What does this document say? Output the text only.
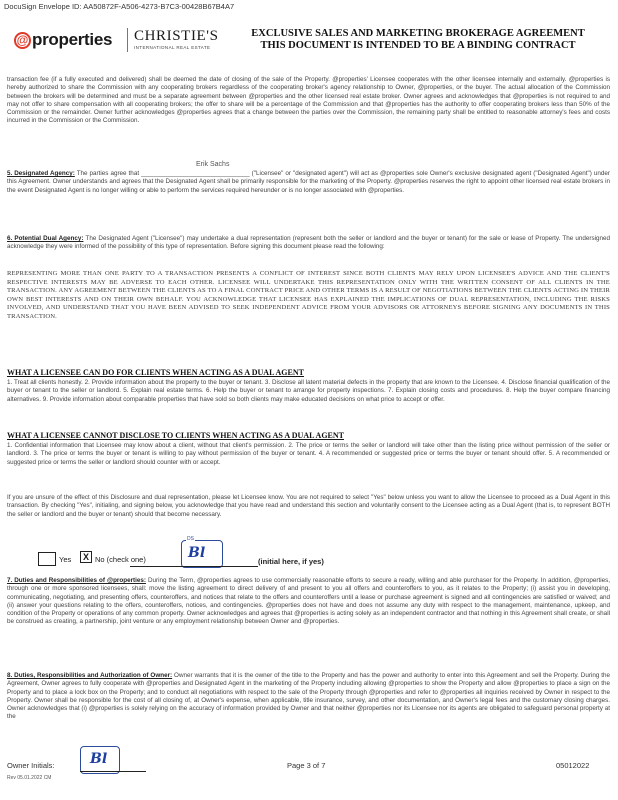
DocuSign Envelope ID: AA50872F-A506-4273-B7C3-00428B67B4A7
@ properties CHRISTIE'S
INTERNATIONAL REAL ESTATE
EXCLUSIVE SALES AND MARKETING BROKERAGE AGREEMENT
THIS DOCUMENT IS INTENDED TO BE A BINDING CONTRACT

transaction fee (if a fully executed and delivered) shall be deemed the date of closing of the sale of the Property. @properties' Licensee cooperates with the other licensee internally and externally. @properties is hereby authorized to share the Commission with any cooperating brokers regardless of the cooperating broker's agency relationship to Owner, @properties, or the buyer. The actual allocation of the Commission between the brokers will be determined and must be a separate agreement between @properties and the other licensed real estate broker. Owner agrees and acknowledges that @properties is not required to and may not offer to share compensation with all cooperating brokers; the offer to share will be a percentage of the Commission and that @properties has the authority to offer cooperating brokers less than 50% of the Commission or the remainder. Owner further acknowledges @properties agrees that a change between the parties over the Commission, the remaining party shall be entitled to reasonable attorney's fees and costs incurred in the Commission or the Commission.

Erik Sachs

5. Designated Agency: The parties agree that _______________________________ ("Licensee" or "designated agent") will act as @properties sole Owner's exclusive designated agent ("Designated Agent") under this Agreement. Owner understands and agrees that the Designated Agent shall be primarily responsible for the marketing of the Property. @properties reserves the right to appoint other licensed real estate brokers in the event Designated Agent is no longer willing or able to perform the services required hereunder or is no longer associated with @properties.

6. Potential Dual Agency: The Designated Agent ("Licensee") may undertake a dual representation (represent both the seller or landlord and the buyer or tenant) for the sale or lease of Property. The undersigned acknowledge they were informed of the possibility of this type of representation. Before signing this document please read the following:

REPRESENTING MORE THAN ONE PARTY TO A TRANSACTION PRESENTS A CONFLICT OF INTEREST SINCE BOTH CLIENTS MAY RELY UPON LICENSEE'S ADVICE AND THE CLIENT'S RESPECTIVE INTERESTS MAY BE ADVERSE TO EACH OTHER. LICENSEE WILL UNDERTAKE THIS REPRESENTATION ONLY WITH THE WRITTEN CONSENT OF ALL CLIENTS IN THE TRANSACTION. ANY AGREEMENT BETWEEN THE CLIENTS AS TO A FINAL CONTRACT PRICE AND OTHER TERMS IS A RESULT OF NEGOTIATIONS BETWEEN THE CLIENTS ACTING IN THEIR OWN BEST INTERESTS AND ON THEIR OWN BEHALF. YOU ACKNOWLEDGE THAT LICENSEE HAS EXPLAINED THE IMPLICATIONS OF DUAL REPRESENTATION, INCLUDING THE RISKS INVOLVED, AND UNDERSTAND THAT YOU HAVE BEEN ADVISED TO SEEK INDEPENDENT ADVICE FROM YOUR ADVISORS OR ATTORNEYS BEFORE SIGNING ANY DOCUMENTS IN THIS TRANSACTION.

WHAT A LICENSEE CAN DO FOR CLIENTS WHEN ACTING AS A DUAL AGENT

1. Treat all clients honestly. 2. Provide information about the property to the buyer or tenant. 3. Disclose all latent material defects in the property that are known to the Licensee. 4. Disclose financial qualification of the buyer or tenant to the seller or landlord. 5. Explain real estate terms. 6. Help the buyer or tenant to arrange for property inspections. 7. Explain closing costs and procedures. 8. Help the buyer compare financing alternatives. 9. Provide information about comparable properties that have sold so both clients may make educated decisions on what price to accept or offer.

WHAT A LICENSEE CANNOT DISCLOSE TO CLIENTS WHEN ACTING AS A DUAL AGENT

1. Confidential information that Licensee may know about a client, without that client's permission. 2. The price or terms the seller or landlord will take other than the listing price without permission of the seller or landlord. 3. The price or terms the buyer or tenant is willing to pay without permission of the buyer or tenant. 4. A recommended or suggested price or terms the buyer or tenant should offer. 5. A recommended or suggested price or terms the seller or landlord should counter with or accept.

If you are unsure of the effect of this Disclosure and dual representation, please let Licensee know. You are not required to select "Yes" below unless you want to allow the Licensee to proceed as a Dual Agent in this transaction. By checking "Yes", initialing, and signing below, you acknowledge that you have read and understand this section and voluntarily consent to the Licensee acting as a Dual Agent (that is, to represent BOTH the seller or landlord and the buyer or tenant) should that become necessary.

Yes	X No (check one)
DS
Bl
(initial here, if yes)

7. Duties and Responsibilities of @properties: During the Term, @properties agrees to use commercially reasonable efforts to secure a ready, willing and able purchaser for the Property. In addition, @properties, through one or more sponsored licensees, shall: move the listing agreement to direct delivery of and present to you all offers and counteroffers to you, as it relates to the Property; (i) assist you in developing, communicating, negotiating, and presenting offers, counteroffers, and notices that relate to the offers and counteroffers until a lease or purchase agreement is signed and all contingencies are satisfied or waived; and (ii) answer your questions relating to the offers, counteroffers, notices, and contingencies. @properties does not have and does not assume any duty with respect to the management, maintenance, upkeep, and condition of the Property or operations of any common property. Owner acknowledges and agrees that @properties is acting solely as an independent contractor and that nothing in this Agreement shall create, or shall be construed as creating, a partnership, joint venture or any employment relationship between Owner and @properties.

8. Duties, Responsibilities and Authorization of Owner: Owner warrants that it is the owner of the title to the Property and has the power and authority to enter into this Agreement and sell the Property. During the Agreement, Owner agrees to fully cooperate with @properties and Designated Agent in the marketing of the Property including allowing @properties to show the Property and allow @properties to place a sign on the Property and to place a lock box on the Property; and to conduct all negotiations with respect to the sale of the Property through @properties and refer to @properties all inquiries received by Owner in respect to the Property. Owner shall be responsible for the cost of all closing of, at Owner's expense, when applicable, title insurance, survey, and other documentation, and Owner's legal fees and the customary closing charges. Owner acknowledges that (i) @properties is solely relying on the accuracy of information provided by Owner and that neither @properties nor its Licensee nor its agents are obligated to safeguard personal property at the

Owner Initials:	Bl	Page 3 of 7	05012022
Rev 05.01.2022 CM
